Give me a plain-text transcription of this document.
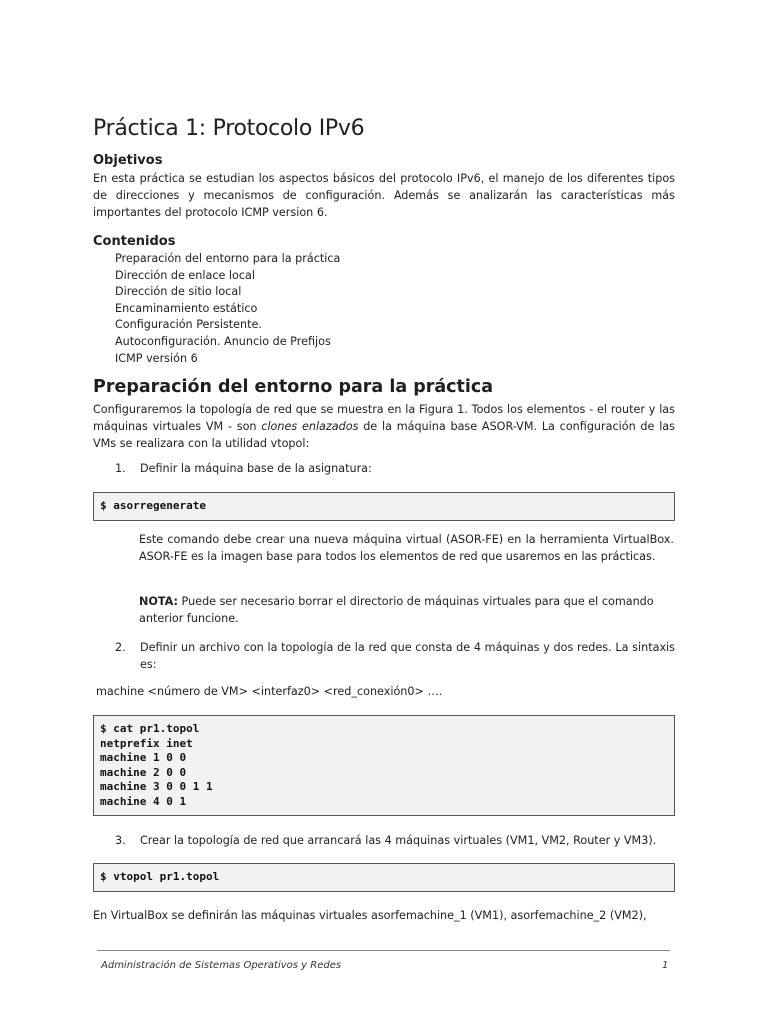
Práctica 1: Protocolo IPv6
Objetivos

En esta práctica se estudian los aspectos básicos del protocolo IPv6, el manejo de los diferentes tipos de direcciones y mecanismos de configuración. Además se analizarán las características más importantes del protocolo ICMP version 6.

Contenidos
Preparación del entorno para la práctica
Dirección de enlace local
Dirección de sitio local
Encaminamiento estático
Configuración Persistente.
Autoconfiguración. Anuncio de Prefijos
ICMP versión 6
Preparación del entorno para la práctica

Configuraremos la topología de red que se muestra en la Figura 1. Todos los elementos - el router y las máquinas virtuales VM - son clones enlazados de la máquina base ASOR-VM. La configuración de las VMs se realizara con la utilidad vtopol:

1.	Definir la máquina base de la asignatura:
$ asorregenerate

Este comando debe crear una nueva máquina virtual (ASOR-FE) en la herramienta VirtualBox. ASOR-FE es la imagen base para todos los elementos de red que usaremos en las prácticas.

NOTA: Puede ser necesario borrar el directorio de máquinas virtuales para que el comando anterior funcione.

2.	Definir un archivo con la topología de la red que consta de 4 máquinas y dos redes. La sintaxis es:
machine <número de VM> <interfaz0> <red_conexión0> ….
$ cat pr1.topol
netprefix inet
machine 1 0 0
machine 2 0 0
machine 3 0 0 1 1
machine 4 0 1
3.	Crear la topología de red que arrancará las 4 máquinas virtuales (VM1, VM2, Router y VM3).
$ vtopol pr1.topol

En VirtualBox se definirán las máquinas virtuales asorfemachine_1 (VM1), asorfemachine_2 (VM2),

Administración de Sistemas Operativos y Redes	1
